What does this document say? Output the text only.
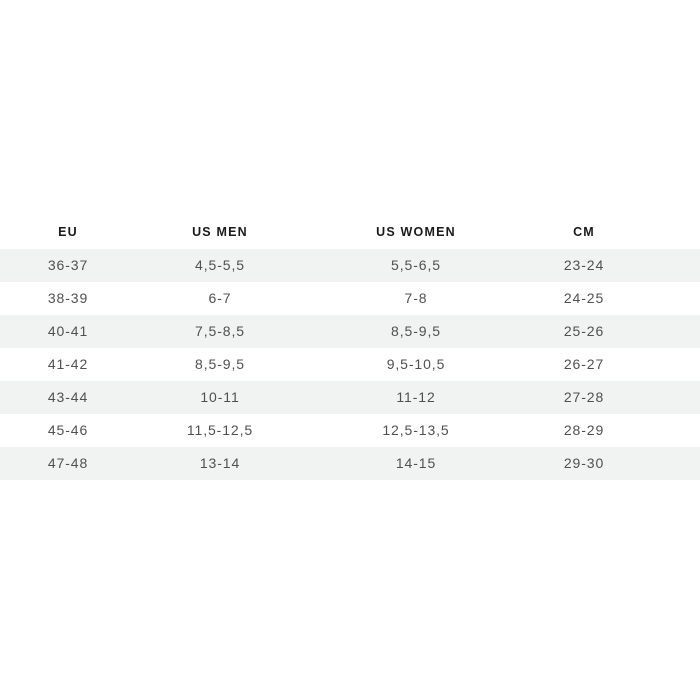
EU	US MEN	US WOMEN	CM
36-37	4,5-5,5	5,5-6,5	23-24
38-39	6-7	7-8	24-25
40-41	7,5-8,5	8,5-9,5	25-26
41-42	8,5-9,5	9,5-10,5	26-27
43-44	10-11	11-12	27-28
45-46	11,5-12,5	12,5-13,5	28-29
47-48	13-14	14-15	29-30
